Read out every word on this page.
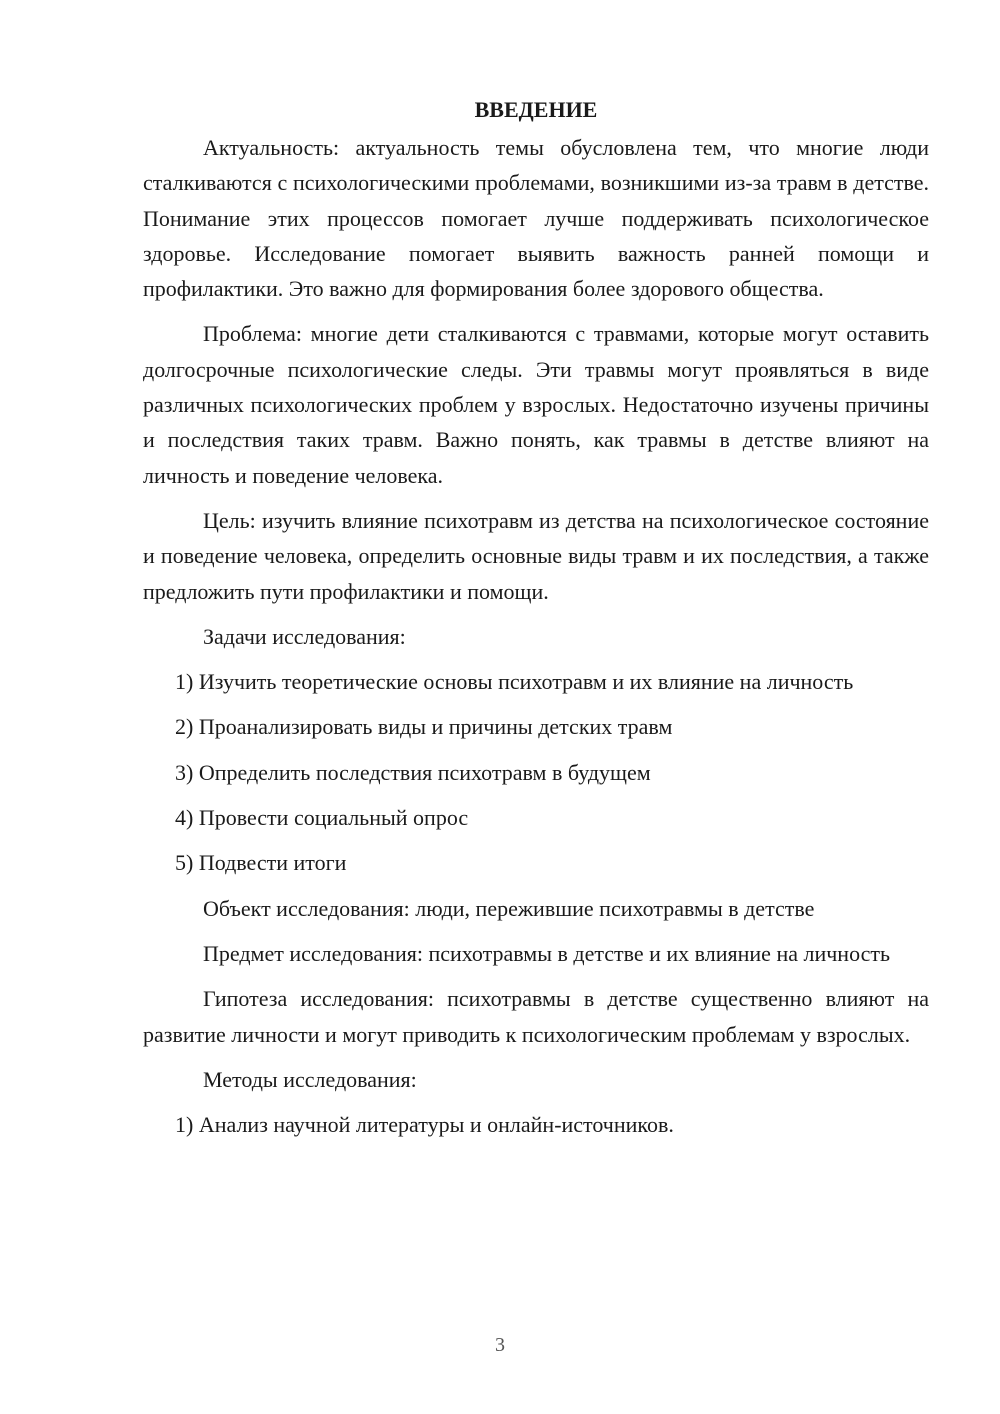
ВВЕДЕНИЕ

Актуальность: актуальность темы обусловлена тем, что многие люди сталкиваются с психологическими проблемами, возникшими из-за травм в детстве. Понимание этих процессов помогает лучше поддерживать психологическое здоровье. Исследование помогает выявить важность ранней помощи и профилактики. Это важно для формирования более здорового общества.

Проблема: многие дети сталкиваются с травмами, которые могут оставить долгосрочные психологические следы. Эти травмы могут проявляться в виде различных психологических проблем у взрослых. Недостаточно изучены причины и последствия таких травм. Важно понять, как травмы в детстве влияют на личность и поведение человека.

Цель: изучить влияние психотравм из детства на психологическое состояние и поведение человека, определить основные виды травм и их последствия, а также предложить пути профилактики и помощи.

Задачи исследования:

1) Изучить теоретические основы психотравм и их влияние на личность

2) Проанализировать виды и причины детских травм

3) Определить последствия психотравм в будущем

4) Провести социальный опрос

5) Подвести итоги

Объект исследования: люди, пережившие психотравмы в детстве

Предмет исследования: психотравмы в детстве и их влияние на личность

Гипотеза исследования: психотравмы в детстве существенно влияют на развитие личности и могут приводить к психологическим проблемам у взрослых.

Методы исследования:

1) Анализ научной литературы и онлайн-источников.

3
